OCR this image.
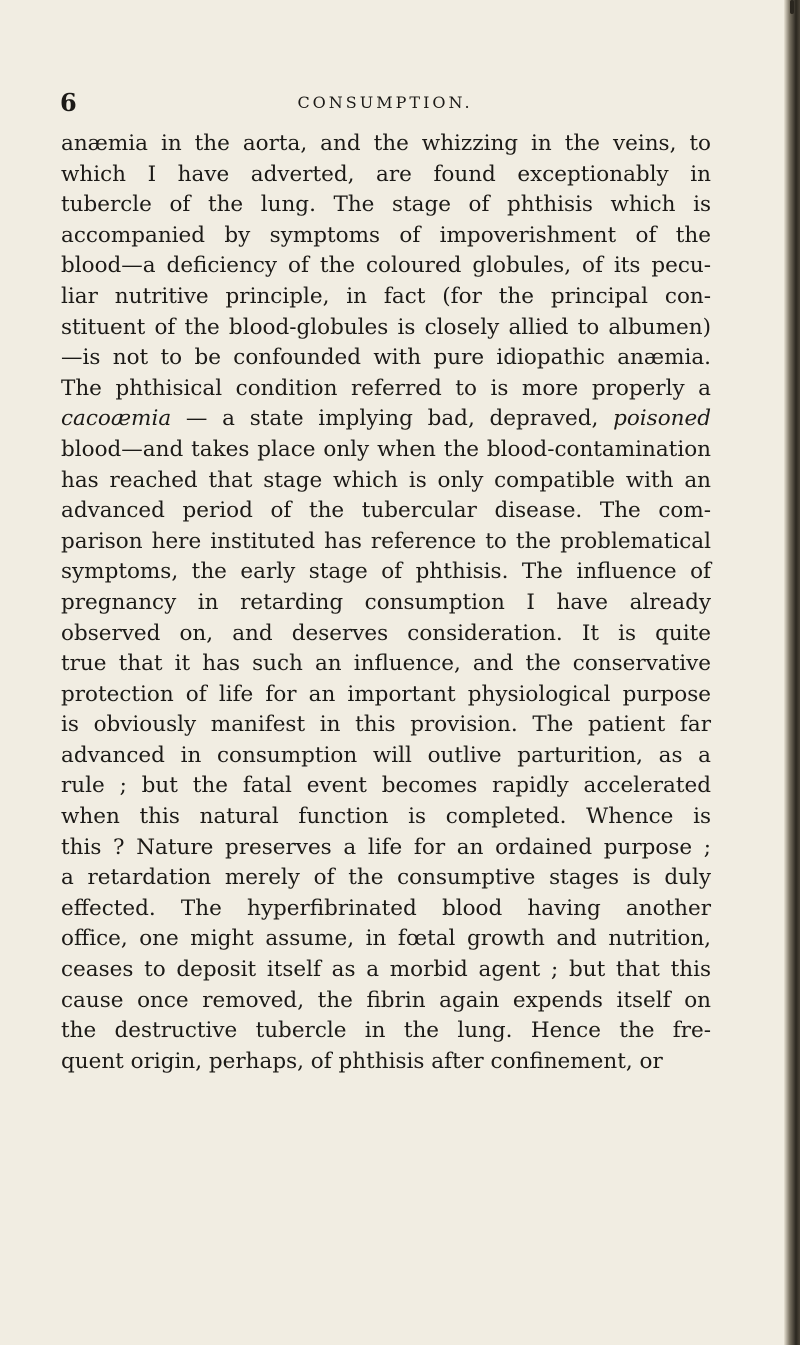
6	CONSUMPTION.
anæmia in the aorta, and the whizzing in the veins, to
which I have adverted, are found exceptionably in
tubercle of the lung. The stage of phthisis which is
accompanied by symptoms of impoverishment of the
blood—a deficiency of the coloured globules, of its pecu-
liar nutritive principle, in fact (for the principal con-
stituent of the blood-globules is closely allied to albumen)
—is not to be confounded with pure idiopathic anæmia.
The phthisical condition referred to is more properly a
cacoæmia — a state implying bad, depraved, poisoned
blood—and takes place only when the blood-contamination
has reached that stage which is only compatible with an
advanced period of the tubercular disease. The com-
parison here instituted has reference to the problematical
symptoms, the early stage of phthisis. The influence of
pregnancy in retarding consumption I have already
observed on, and deserves consideration. It is quite
true that it has such an influence, and the conservative
protection of life for an important physiological purpose
is obviously manifest in this provision. The patient far
advanced in consumption will outlive parturition, as a
rule ; but the fatal event becomes rapidly accelerated
when this natural function is completed. Whence is
this ? Nature preserves a life for an ordained purpose ;
a retardation merely of the consumptive stages is duly
effected. The hyperfibrinated blood having another
office, one might assume, in fœtal growth and nutrition,
ceases to deposit itself as a morbid agent ; but that this
cause once removed, the fibrin again expends itself on
the destructive tubercle in the lung. Hence the fre-
quent origin, perhaps, of phthisis after confinement, or
